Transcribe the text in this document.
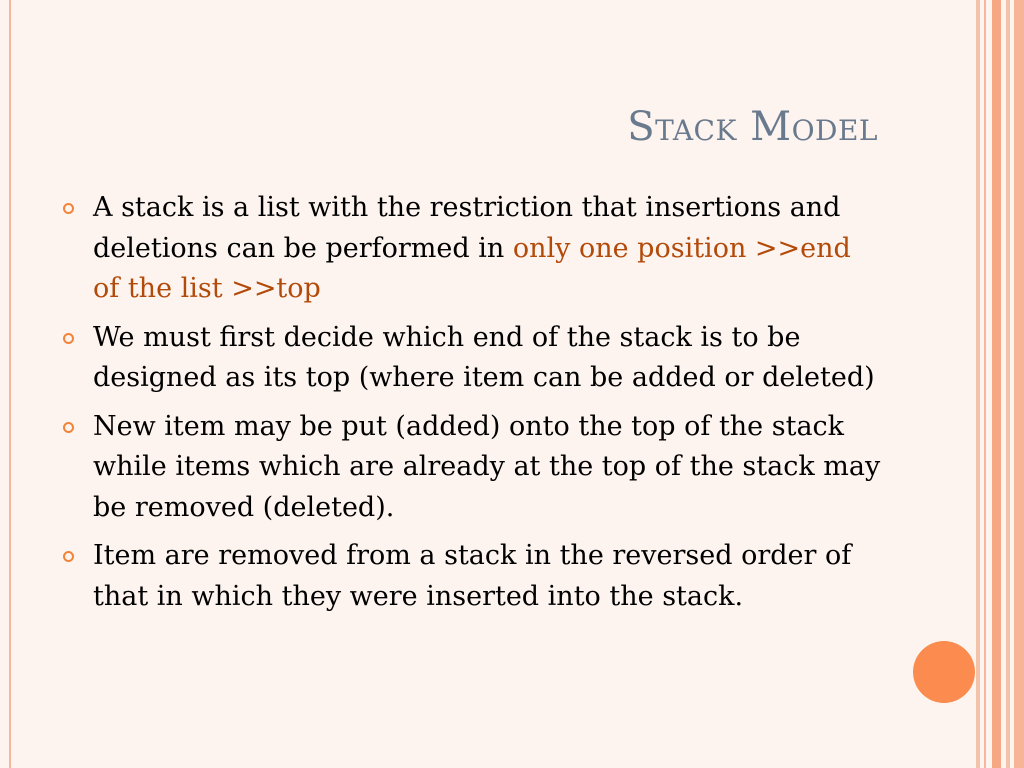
Stack Model
A stack is a list with the restriction that insertions and deletions can be performed in only one position >>end of the list >>top
We must first decide which end of the stack is to be designed as its top (where item can be added or deleted)
New item may be put (added) onto the top of the stack while items which are already at the top of the stack may be removed (deleted).
Item are removed from a stack in the reversed order of that in which they were inserted into the stack.
